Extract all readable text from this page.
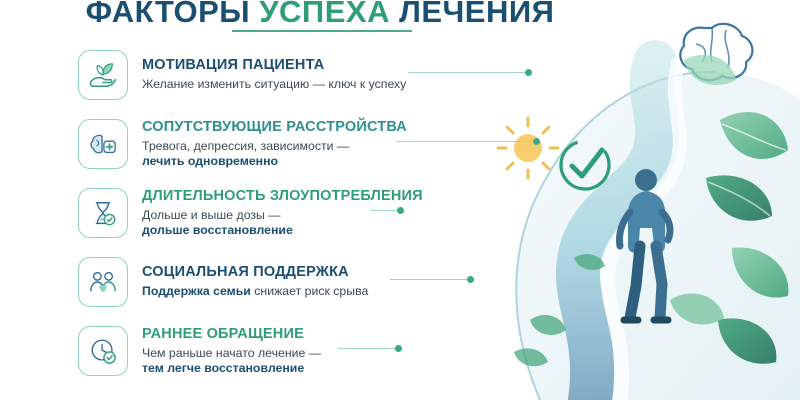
ФАКТОРЫ УСПЕХА ЛЕЧЕНИЯ
МОТИВАЦИЯ ПАЦИЕНТА
Желание изменить ситуацию — ключ к успеху
СОПУТСТВУЮЩИЕ РАССТРОЙСТВА
Тревога, депрессия, зависимости —
лечить одновременно
ДЛИТЕЛЬНОСТЬ ЗЛОУПОТРЕБЛЕНИЯ
Дольше и выше дозы —
дольше восстановление
СОЦИАЛЬНАЯ ПОДДЕРЖКА
Поддержка семьи снижает риск срыва
РАННЕЕ ОБРАЩЕНИЕ
Чем раньше начато лечение —
тем легче восстановление
